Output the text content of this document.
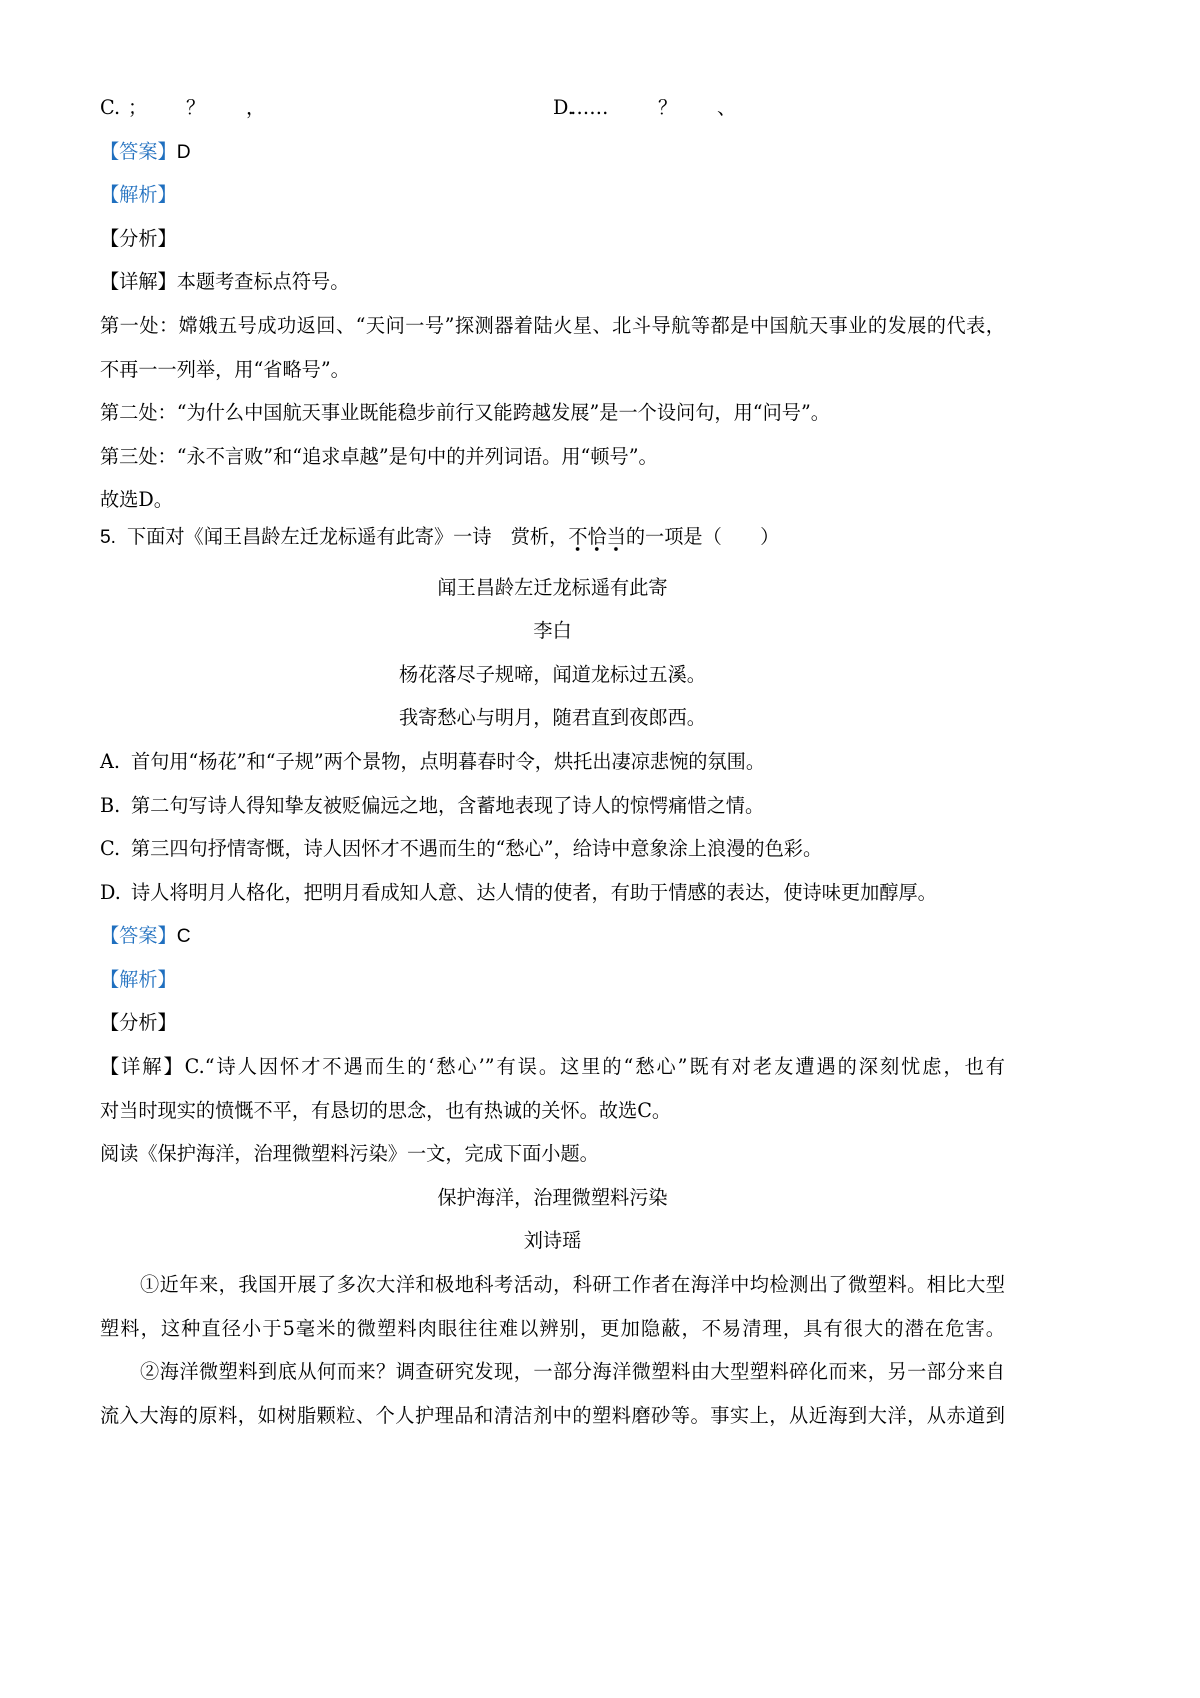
C. ； ？ ，	D.
……	？ 、
【答案】D
【解析】
【分析】
【详解】本题考查标点符号。
第一处：嫦娥五号成功返回、“天问一号”探测器着陆火星、北斗导航等都是中国航天事业的发展的代表，
不再一一列举，用“省略号”。
第二处：“为什么中国航天事业既能稳步前行又能跨越发展”是一个设问句，用“问号”。
第三处：“永不言败”和“追求卓越”是句中的并列词语。用“顿号”。
故选D。
5. 下面对《闻王昌龄左迁龙标遥有此寄》一诗　赏析，不恰当的一项是（　　）
闻王昌龄左迁龙标遥有此寄
李白
杨花落尽子规啼，闻道龙标过五溪。
我寄愁心与明月，随君直到夜郎西。
A. 首句用“杨花”和“子规”两个景物，点明暮春时令，烘托出凄凉悲惋的氛围。
B. 第二句写诗人得知挚友被贬偏远之地，含蓄地表现了诗人的惊愕痛惜之情。
C. 第三四句抒情寄慨，诗人因怀才不遇而生的“愁心”，给诗中意象涂上浪漫的色彩。
D. 诗人将明月人格化，把明月看成知人意、达人情的使者，有助于情感的表达，使诗味更加醇厚。
【答案】C
【解析】
【分析】
【详解】C.“诗人因怀才不遇而生的‘愁心’”有误。这里的“愁心”既有对老友遭遇的深刻忧虑，也有
对当时现实的愤慨不平，有恳切的思念，也有热诚的关怀。故选C。
阅读《保护海洋，治理微塑料污染》一文，完成下面小题。
保护海洋，治理微塑料污染
刘诗瑶
①近年来，我国开展了多次大洋和极地科考活动，科研工作者在海洋中均检测出了微塑料。相比大型
塑料，这种直径小于5毫米的微塑料肉眼往往难以辨别，更加隐蔽，不易清理，具有很大的潜在危害。
②海洋微塑料到底从何而来？调查研究发现，一部分海洋微塑料由大型塑料碎化而来，另一部分来自
流入大海的原料，如树脂颗粒、个人护理品和清洁剂中的塑料磨砂等。事实上，从近海到大洋，从赤道到
